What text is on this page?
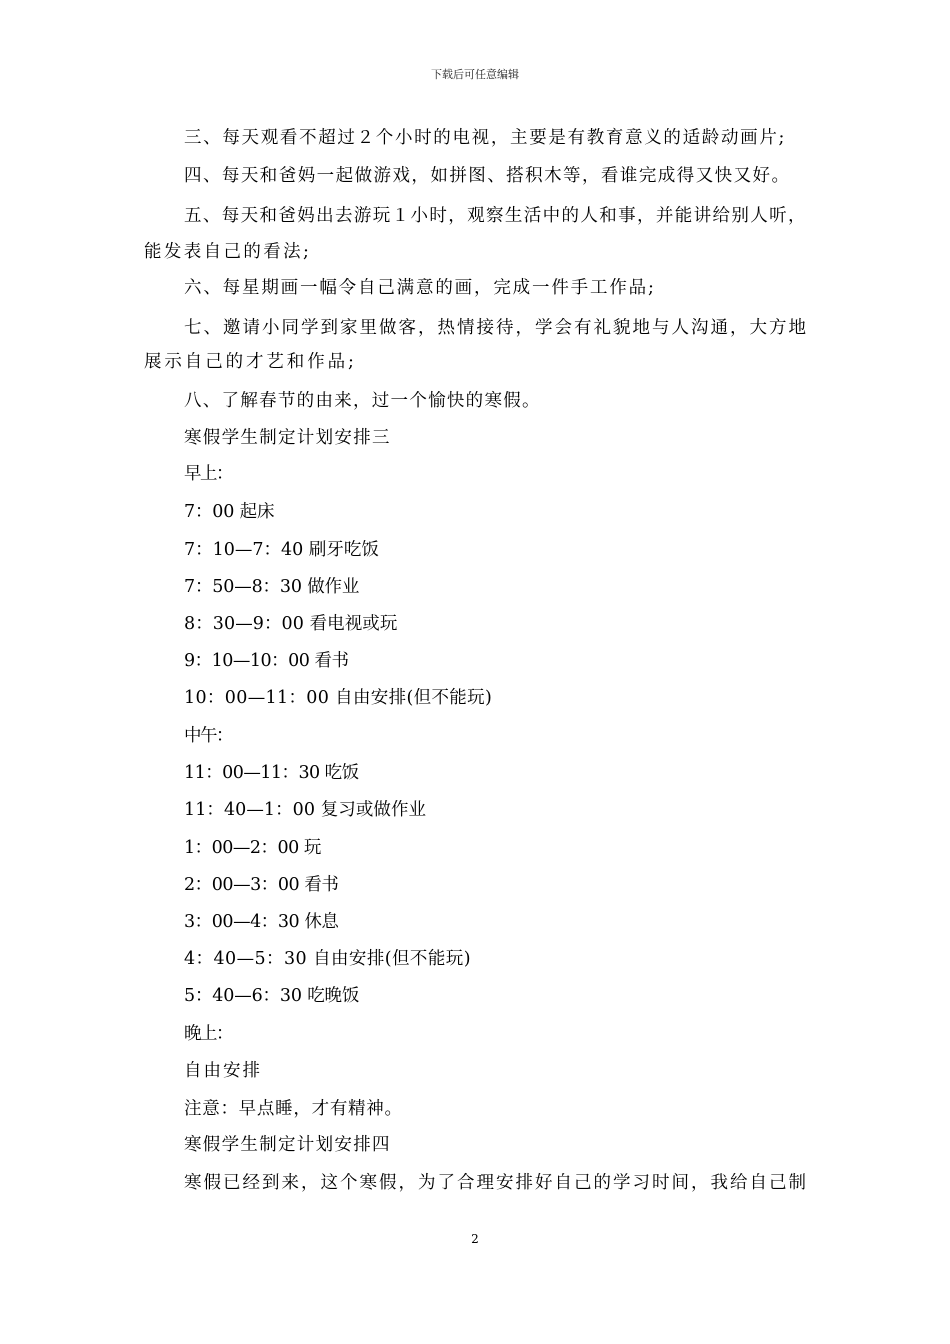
下载后可任意编辑
三、每天观看不超过２个小时的电视，主要是有教育意义的适龄动画片;
四、每天和爸妈一起做游戏，如拼图、搭积木等，看谁完成得又快又好。
五、每天和爸妈出去游玩１小时，观察生活中的人和事，并能讲给别人听，
能发表自己的看法;
六、每星期画一幅令自己满意的画，完成一件手工作品;
七、邀请小同学到家里做客，热情接待，学会有礼貌地与人沟通，大方地
展示自己的才艺和作品;
八、了解春节的由来，过一个愉快的寒假。
寒假学生制定计划安排三
早上：
7：00 起床
7：10—7：40 刷牙吃饭
7：50—8：30 做作业
8：30—9：00 看电视或玩
9：10—10：00 看书
10：00—11：00 自由安排(但不能玩)
中午：
11：00—11：30 吃饭
11：40—1：00 复习或做作业
1：00—2：00 玩
2：00—3：00 看书
3：00—4：30 休息
4：40—5：30 自由安排(但不能玩)
5：40—6：30 吃晚饭
晚上：
自由安排
注意：早点睡，才有精神。
寒假学生制定计划安排四
寒假已经到来，这个寒假，为了合理安排好自己的学习时间，我给自己制
2
